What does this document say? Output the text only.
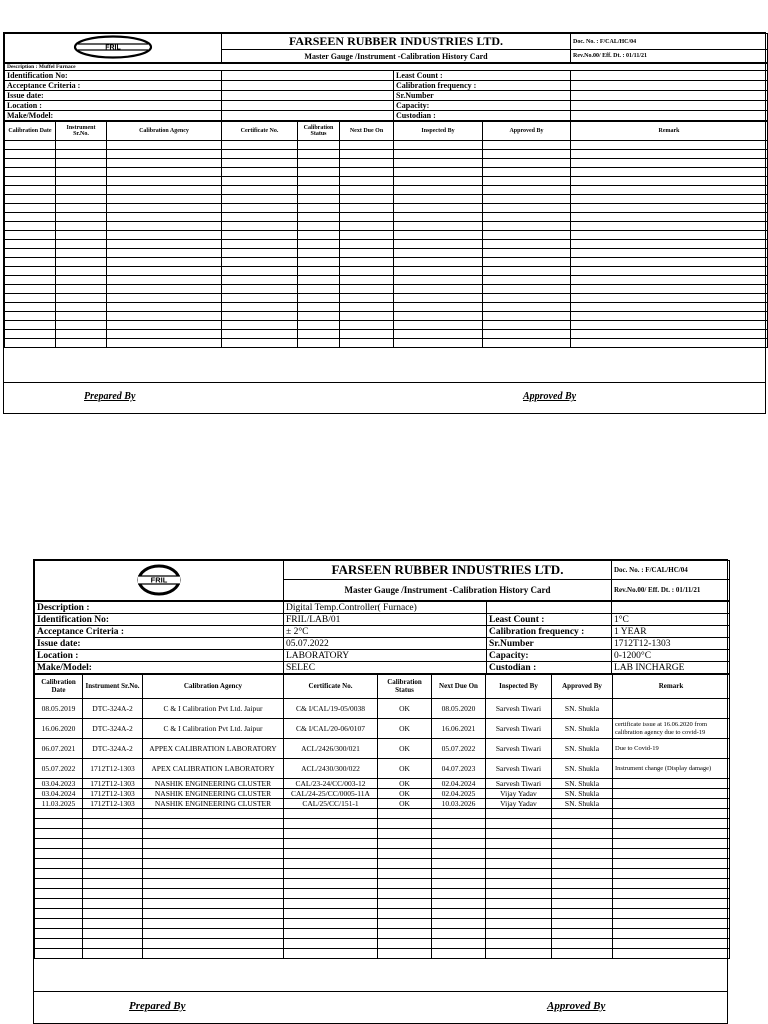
FRIL	FARSEEN RUBBER INDUSTRIES LTD.	Doc. No. : F/CAL/HC/04
	Master Gauge /Instrument -Calibration History Card	Rev.No.00/ Eff. Dt. : 01/11/21
Description : Muffel Furnace			
Identification No:		Least Count :	
Acceptance Criteria :		Calibration frequency :	
Issue date:		Sr.Number	
Location :		Capacity:	
Make/Model:		Custodian :	
Calibration Date	Instrument Sr.No.	Calibration Agency	Certificate No.	Calibration Status	Next Due On	Inspected By	Approved By	Remark

Prepared By	Approved By
FRIL	FARSEEN RUBBER INDUSTRIES LTD.	Doc. No. : F/CAL/HC/04
	Master Gauge /Instrument -Calibration History Card	Rev.No.00/ Eff. Dt. : 01/11/21
Description :	Digital Temp.Controller( Furnace)		
Identification No:	FRIL/LAB/01	Least Count :	1°C
Acceptance Criteria :	± 2°C	Calibration frequency :	1 YEAR
Issue date:	05.07.2022	Sr.Number	1712T12-1303
Location :	LABORATORY	Capacity:	0-1200°C
Make/Model:	SELEC	Custodian :	LAB INCHARGE
Calibration Date	Instrument Sr.No.	Calibration Agency	Certificate No.	Calibration Status	Next Due On	Inspected By	Approved By	Remark
08.05.2019	DTC-324A-2	C & I Calibration Pvt Ltd. Jaipur	C& I/CAL/19-05/0038	OK	08.05.2020	Sarvesh Tiwari	SN. Shukla	
16.06.2020	DTC-324A-2	C & I Calibration Pvt Ltd. Jaipur	C& I/CAL/20-06/0107	OK	16.06.2021	Sarvesh Tiwari	SN. Shukla	certificate issue at 16.06.2020 from calibration agency due to covid-19
06.07.2021	DTC-324A-2	APPEX CALIBRATION LABORATORY	ACL/2426/300/021	OK	05.07.2022	Sarvesh Tiwari	SN. Shukla	Due to Covid-19
05.07.2022	1712T12-1303	APEX CALIBRATION LABORATORY	ACL/2430/300/022	OK	04.07.2023	Sarvesh Tiwari	SN. Shukla	Instrument change (Display damage)
03.04.2023	1712T12-1303	NASHIK ENGINEERING CLUSTER	CAL/23-24/CC/003-12	OK	02.04.2024	Sarvesh Tiwari	SN. Shukla	
03.04.2024	1712T12-1303	NASHIK ENGINEERING CLUSTER	CAL/24-25/CC/0005-11A	OK	02.04.2025	Vijay Yadav	SN. Shukla	
11.03.2025	1712T12-1303	NASHIK ENGINEERING CLUSTER	CAL/25/CC/151-1	OK	10.03.2026	Vijay Yadav	SN. Shukla	

Prepared By	Approved By
